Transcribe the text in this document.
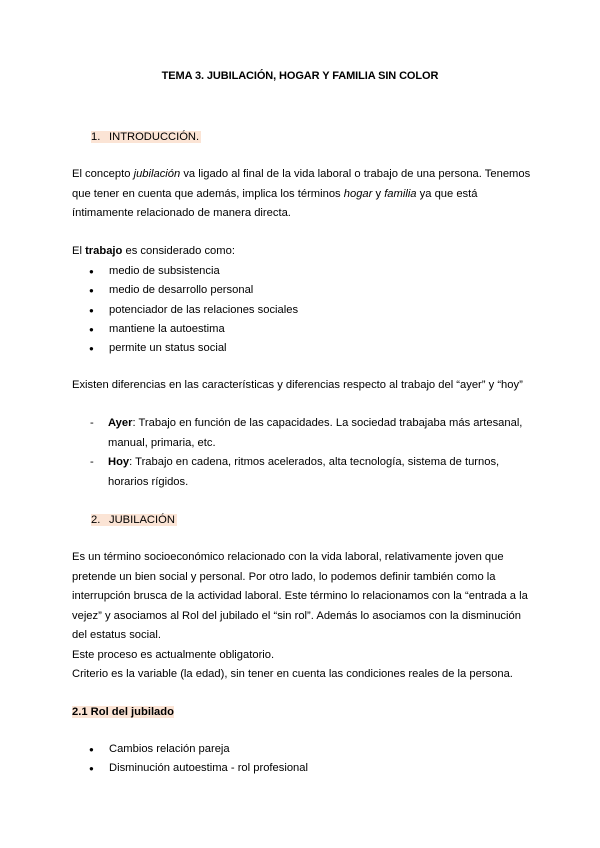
TEMA 3. JUBILACIÓN, HOGAR Y FAMILIA SIN COLOR
1. INTRODUCCIÓN.

El concepto jubilación va ligado al final de la vida laboral o trabajo de una persona. Tenemos que tener en cuenta que además, implica los términos hogar y familia ya que está íntimamente relacionado de manera directa.

El trabajo es considerado como:

● medio de subsistencia
● medio de desarrollo personal
● potenciador de las relaciones sociales
● mantiene la autoestima
● permite un status social

Existen diferencias en las características y diferencias respecto al trabajo del “ayer” y “hoy”

- Ayer: Trabajo en función de las capacidades. La sociedad trabajaba más artesanal, manual, primaria, etc.
- Hoy: Trabajo en cadena, ritmos acelerados, alta tecnología, sistema de turnos, horarios rígidos.
2. JUBILACIÓN

Es un término socioeconómico relacionado con la vida laboral, relativamente joven que pretende un bien social y personal. Por otro lado, lo podemos definir también como la interrupción brusca de la actividad laboral. Este término lo relacionamos con la “entrada a la vejez” y asociamos al Rol del jubilado el “sin rol”. Además lo asociamos con la disminución del estatus social.

Este proceso es actualmente obligatorio.

Criterio es la variable (la edad), sin tener en cuenta las condiciones reales de la persona.

2.1 Rol del jubilado
● Cambios relación pareja
● Disminución autoestima - rol profesional
